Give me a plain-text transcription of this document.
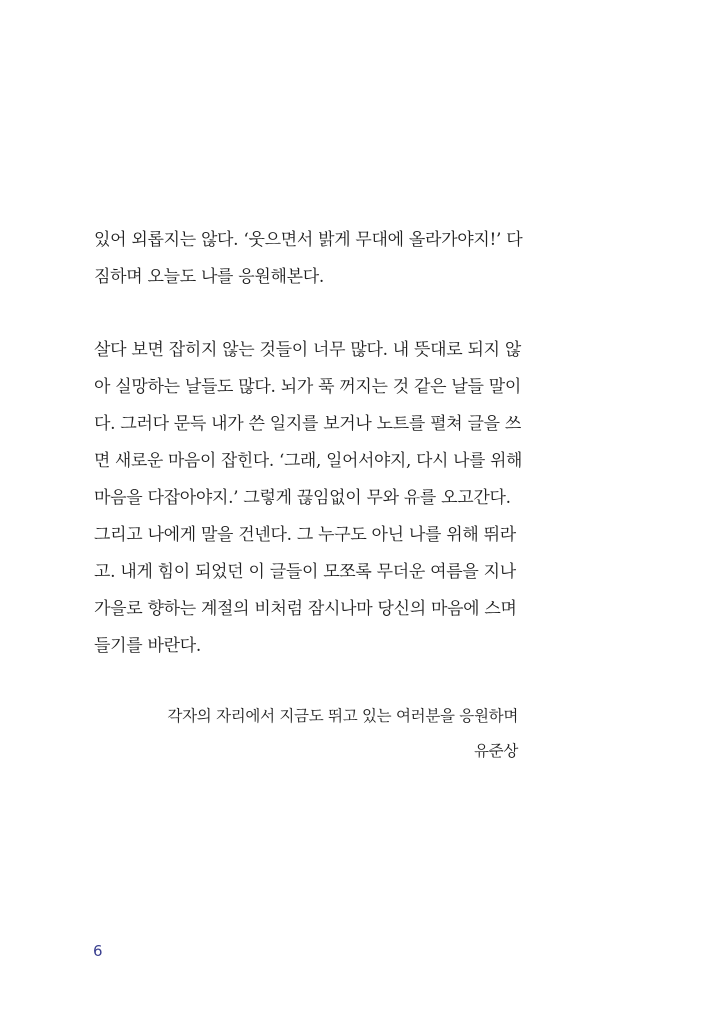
있어 외롭지는 않다. ‘웃으면서 밝게 무대에 올라가야지!’ 다
짐하며 오늘도 나를 응원해본다.
살다 보면 잡히지 않는 것들이 너무 많다. 내 뜻대로 되지 않
아 실망하는 날들도 많다. 뇌가 푹 꺼지는 것 같은 날들 말이
다. 그러다 문득 내가 쓴 일지를 보거나 노트를 펼쳐 글을 쓰
면 새로운 마음이 잡힌다. ‘그래, 일어서야지, 다시 나를 위해
마음을 다잡아야지.’ 그렇게 끊임없이 무와 유를 오고간다.
그리고 나에게 말을 건넨다. 그 누구도 아닌 나를 위해 뛰라
고. 내게 힘이 되었던 이 글들이 모쪼록 무더운 여름을 지나
가을로 향하는 계절의 비처럼 잠시나마 당신의 마음에 스며
들기를 바란다.
각자의 자리에서 지금도 뛰고 있는 여러분을 응원하며
유준상
6
